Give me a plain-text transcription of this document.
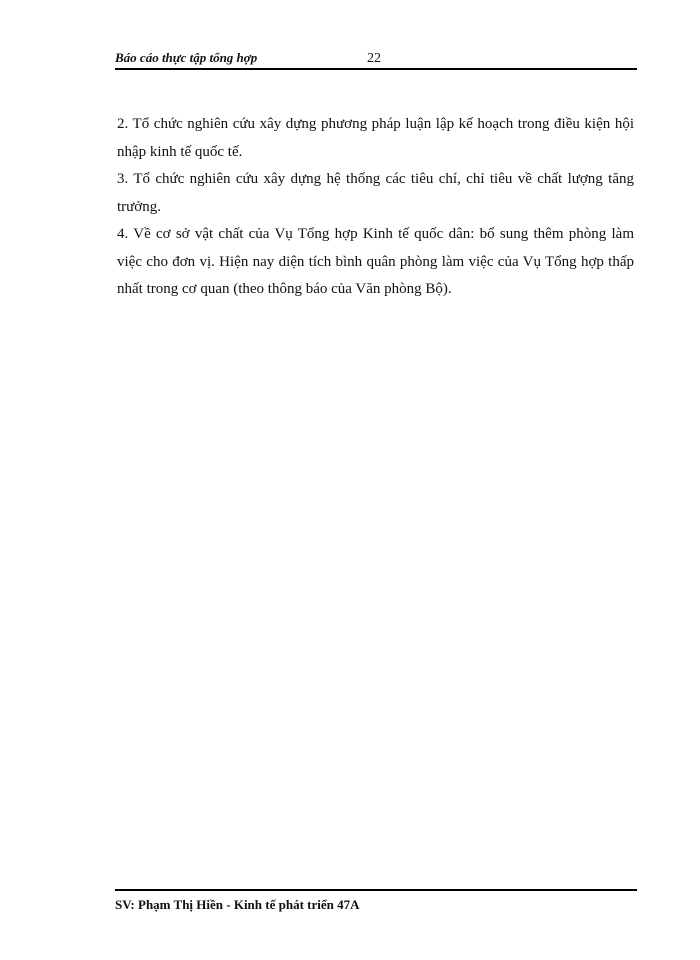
Báo cáo thực tập tổng hợp	22

2. Tổ chức nghiên cứu xây dựng phương pháp luận lập kế hoạch trong điều kiện hội nhập kinh tế quốc tế.

3. Tổ chức nghiên cứu xây dựng hệ thống các tiêu chí, chỉ tiêu về chất lượng tăng trưởng.

4. Về cơ sở vật chất của Vụ Tổng hợp Kinh tế quốc dân: bổ sung thêm phòng làm việc cho đơn vị. Hiện nay diện tích bình quân phòng làm việc của Vụ Tổng hợp thấp nhất trong cơ quan (theo thông báo của Văn phòng Bộ).

SV: Phạm Thị Hiền - Kinh tế phát triển 47A
